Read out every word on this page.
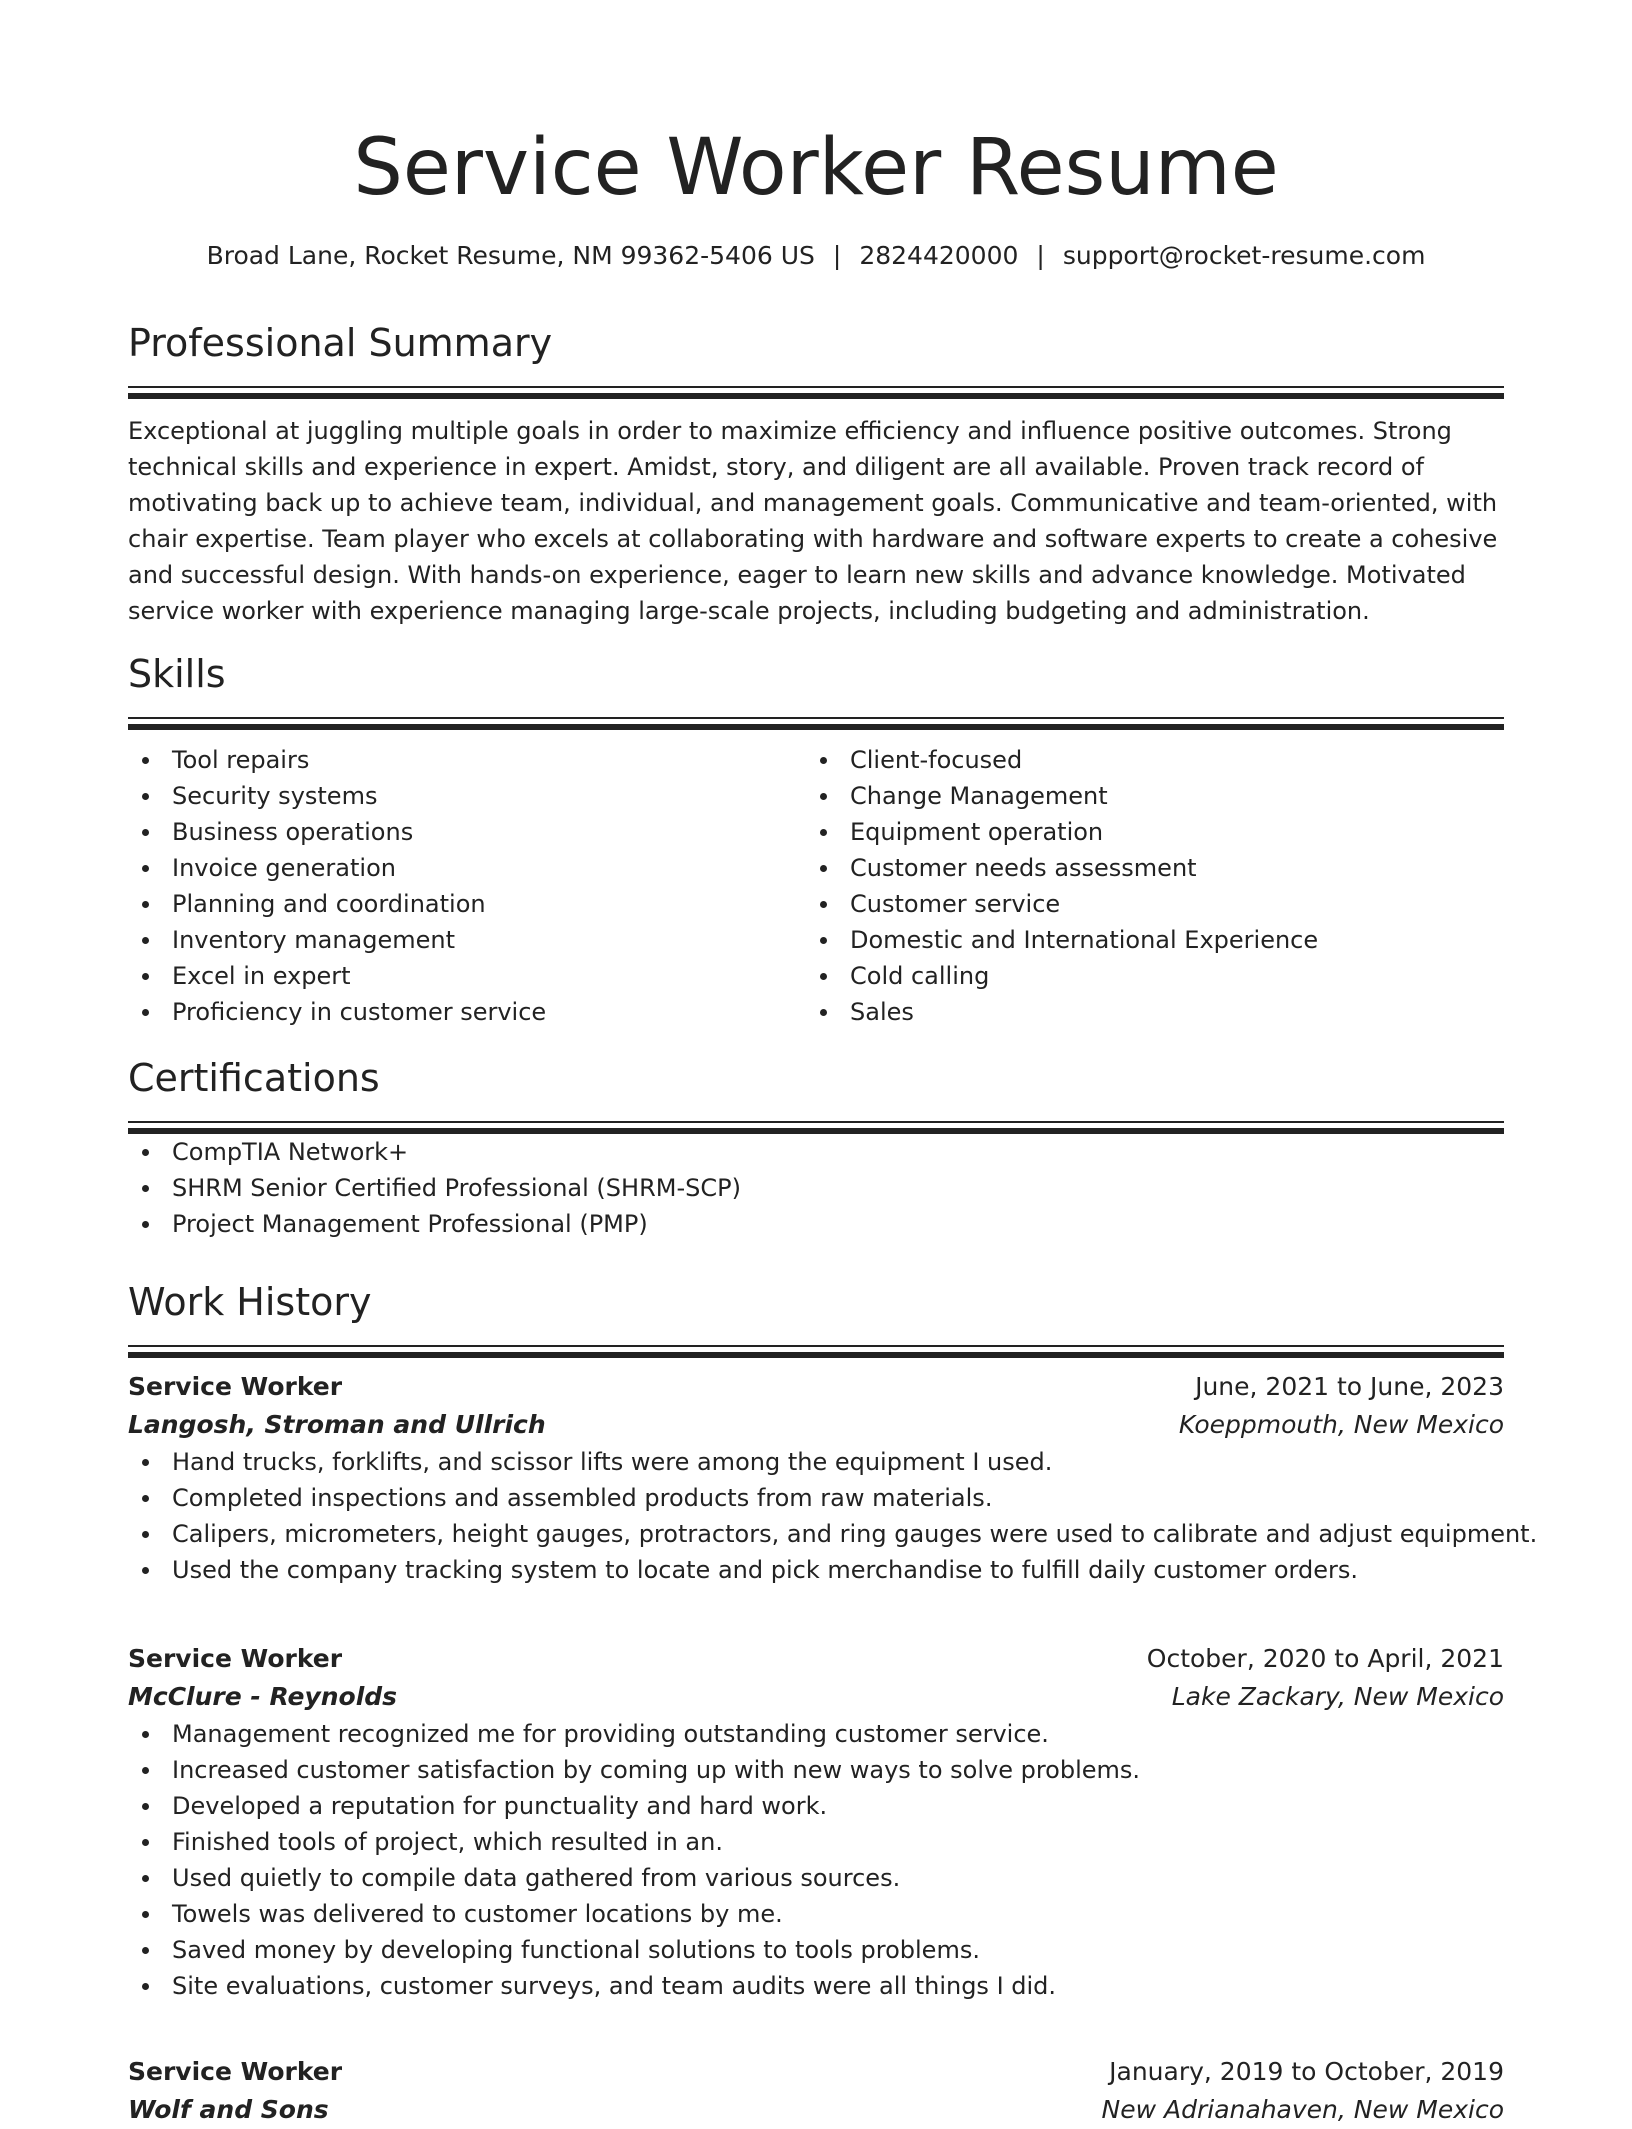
Service Worker Resume
Broad Lane, Rocket Resume, NM 99362-5406 US | 2824420000 | support@rocket-resume.com
Professional Summary

Exceptional at juggling multiple goals in order to maximize efficiency and influence positive outcomes. Strong technical skills and experience in expert. Amidst, story, and diligent are all available. Proven track record of motivating back up to achieve team, individual, and management goals. Communicative and team-oriented, with chair expertise. Team player who excels at collaborating with hardware and software experts to create a cohesive and successful design. With hands-on experience, eager to learn new skills and advance knowledge. Motivated service worker with experience managing large-scale projects, including budgeting and administration.

Skills
Tool repairs
Security systems
Business operations
Invoice generation
Planning and coordination
Inventory management
Excel in expert
Proficiency in customer service
Client-focused
Change Management
Equipment operation
Customer needs assessment
Customer service
Domestic and International Experience
Cold calling
Sales
Certifications
CompTIA Network+
SHRM Senior Certified Professional (SHRM-SCP)
Project Management Professional (PMP)
Work History
Service Worker	June, 2021 to June, 2023
Langosh, Stroman and Ullrich	Koeppmouth, New Mexico
Hand trucks, forklifts, and scissor lifts were among the equipment I used.
Completed inspections and assembled products from raw materials.
Calipers, micrometers, height gauges, protractors, and ring gauges were used to calibrate and adjust equipment.
Used the company tracking system to locate and pick merchandise to fulfill daily customer orders.
Service Worker	October, 2020 to April, 2021
McClure - Reynolds	Lake Zackary, New Mexico
Management recognized me for providing outstanding customer service.
Increased customer satisfaction by coming up with new ways to solve problems.
Developed a reputation for punctuality and hard work.
Finished tools of project, which resulted in an.
Used quietly to compile data gathered from various sources.
Towels was delivered to customer locations by me.
Saved money by developing functional solutions to tools problems.
Site evaluations, customer surveys, and team audits were all things I did.
Service Worker	January, 2019 to October, 2019
Wolf and Sons	New Adrianahaven, New Mexico
